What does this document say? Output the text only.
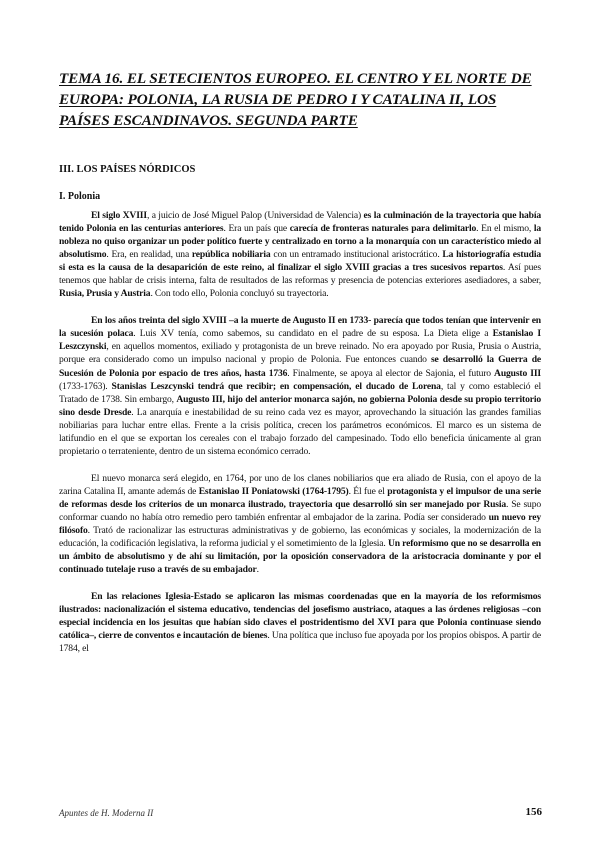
TEMA 16. EL SETECIENTOS EUROPEO. EL CENTRO Y EL NORTE DE EUROPA: POLONIA, LA RUSIA DE PEDRO I Y CATALINA II, LOS PAÍSES ESCANDINAVOS. SEGUNDA PARTE
III. LOS PAÍSES NÓRDICOS
I. Polonia

El siglo XVIII, a juicio de José Miguel Palop (Universidad de Valencia) es la culminación de la trayectoria que había tenido Polonia en las centurias anteriores. Era un país que carecía de fronteras naturales para delimitarlo. En el mismo, la nobleza no quiso organizar un poder político fuerte y centralizado en torno a la monarquía con un característico miedo al absolutismo. Era, en realidad, una república nobiliaria con un entramado institucional aristocrático. La historiografía estudia si esta es la causa de la desaparición de este reino, al finalizar el siglo XVIII gracias a tres sucesivos repartos. Así pues tenemos que hablar de crisis interna, falta de resultados de las reformas y presencia de potencias exteriores asediadores, a saber, Rusia, Prusia y Austria. Con todo ello, Polonia concluyó su trayectoria.

En los años treinta del siglo XVIII –a la muerte de Augusto II en 1733- parecía que todos tenían que intervenir en la sucesión polaca. Luis XV tenía, como sabemos, su candidato en el padre de su esposa. La Dieta elige a Estanislao I Leszczynski, en aquellos momentos, exiliado y protagonista de un breve reinado. No era apoyado por Rusia, Prusia o Austria, porque era considerado como un impulso nacional y propio de Polonia. Fue entonces cuando se desarrolló la Guerra de Sucesión de Polonia por espacio de tres años, hasta 1736. Finalmente, se apoya al elector de Sajonia, el futuro Augusto III (1733-1763). Stanislas Leszcynski tendrá que recibir; en compensación, el ducado de Lorena, tal y como estableció el Tratado de 1738. Sin embargo, Augusto III, hijo del anterior monarca sajón, no gobierna Polonia desde su propio territorio sino desde Dresde. La anarquía e inestabilidad de su reino cada vez es mayor, aprovechando la situación las grandes familias nobiliarias para luchar entre ellas. Frente a la crisis política, crecen los parámetros económicos. El marco es un sistema de latifundio en el que se exportan los cereales con el trabajo forzado del campesinado. Todo ello beneficia únicamente al gran propietario o terrateniente, dentro de un sistema económico cerrado.

El nuevo monarca será elegido, en 1764, por uno de los clanes nobiliarios que era aliado de Rusia, con el apoyo de la zarina Catalina II, amante además de Estanislao II Poniatowski (1764-1795). Él fue el protagonista y el impulsor de una serie de reformas desde los criterios de un monarca ilustrado, trayectoria que desarrolló sin ser manejado por Rusia. Se supo conformar cuando no había otro remedio pero también enfrentar al embajador de la zarina. Podía ser considerado un nuevo rey filósofo. Trató de racionalizar las estructuras administrativas y de gobierno, las económicas y sociales, la modernización de la educación, la codificación legislativa, la reforma judicial y el sometimiento de la Iglesia. Un reformismo que no se desarrolla en un ámbito de absolutismo y de ahí su limitación, por la oposición conservadora de la aristocracia dominante y por el continuado tutelaje ruso a través de su embajador.

En las relaciones Iglesia-Estado se aplicaron las mismas coordenadas que en la mayoría de los reformismos ilustrados: nacionalización el sistema educativo, tendencias del josefismo austriaco, ataques a las órdenes religiosas –con especial incidencia en los jesuitas que habían sido claves el postridentismo del XVI para que Polonia continuase siendo católica–, cierre de conventos e incautación de bienes. Una política que incluso fue apoyada por los propios obispos. A partir de 1784, el

Apuntes de H. Moderna II	156
